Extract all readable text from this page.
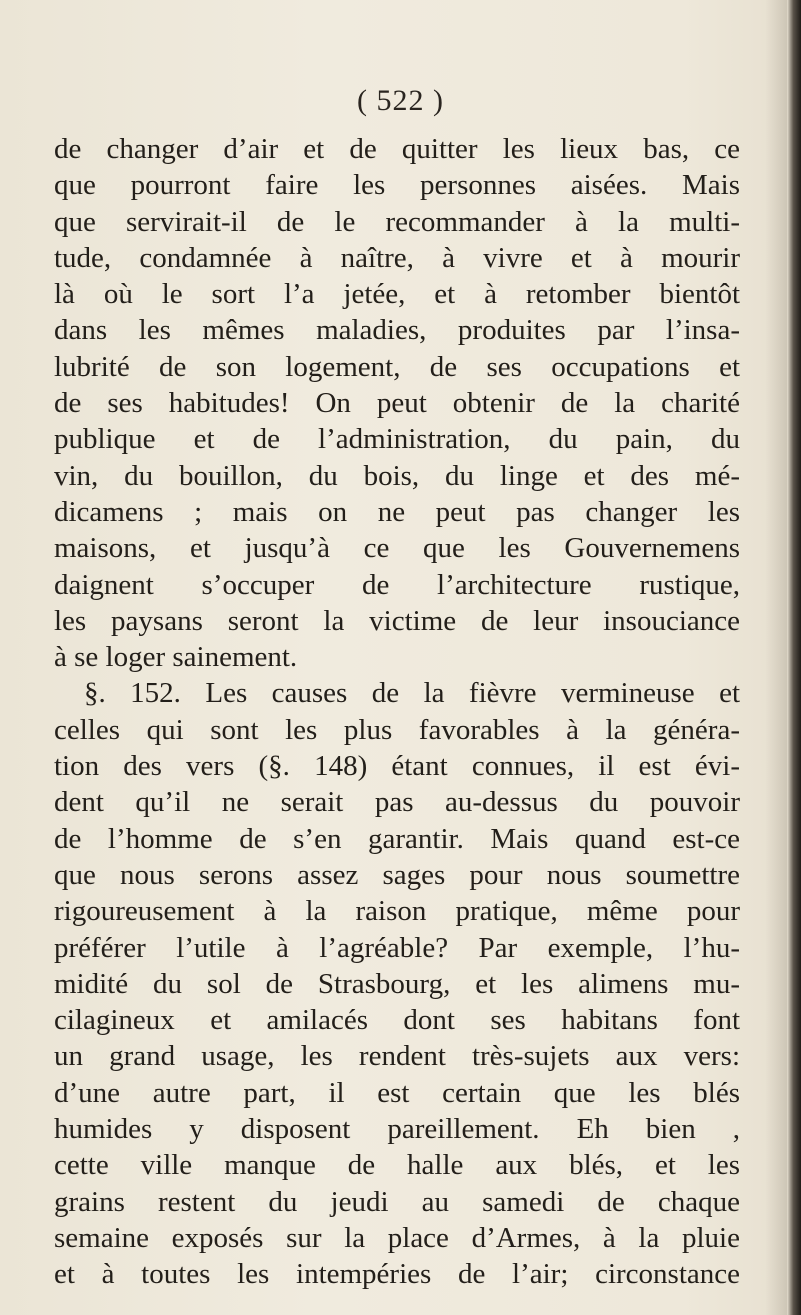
( 522 )
de changer d’air et de quitter les lieux bas, ce
que pourront faire les personnes aisées. Mais
que servirait-il de le recommander à la multi-
tude, condamnée à naître, à vivre et à mourir
là où le sort l’a jetée, et à retomber bientôt
dans les mêmes maladies, produites par l’insa-
lubrité de son logement, de ses occupations et
de ses habitudes! On peut obtenir de la charité
publique et de l’administration, du pain, du
vin, du bouillon, du bois, du linge et des mé-
dicamens ; mais on ne peut pas changer les
maisons, et jusqu’à ce que les Gouvernemens
daignent s’occuper de l’architecture rustique,
les paysans seront la victime de leur insouciance
à se loger sainement.
§. 152. Les causes de la fièvre vermineuse et
celles qui sont les plus favorables à la généra-
tion des vers (§. 148) étant connues, il est évi-
dent qu’il ne serait pas au-dessus du pouvoir
de l’homme de s’en garantir. Mais quand est-ce
que nous serons assez sages pour nous soumettre
rigoureusement à la raison pratique, même pour
préférer l’utile à l’agréable? Par exemple, l’hu-
midité du sol de Strasbourg, et les alimens mu-
cilagineux et amilacés dont ses habitans font
un grand usage, les rendent très-sujets aux vers:
d’une autre part, il est certain que les blés
humides y disposent pareillement. Eh bien ,
cette ville manque de halle aux blés, et les
grains restent du jeudi au samedi de chaque
semaine exposés sur la place d’Armes, à la pluie
et à toutes les intempéries de l’air; circonstance
